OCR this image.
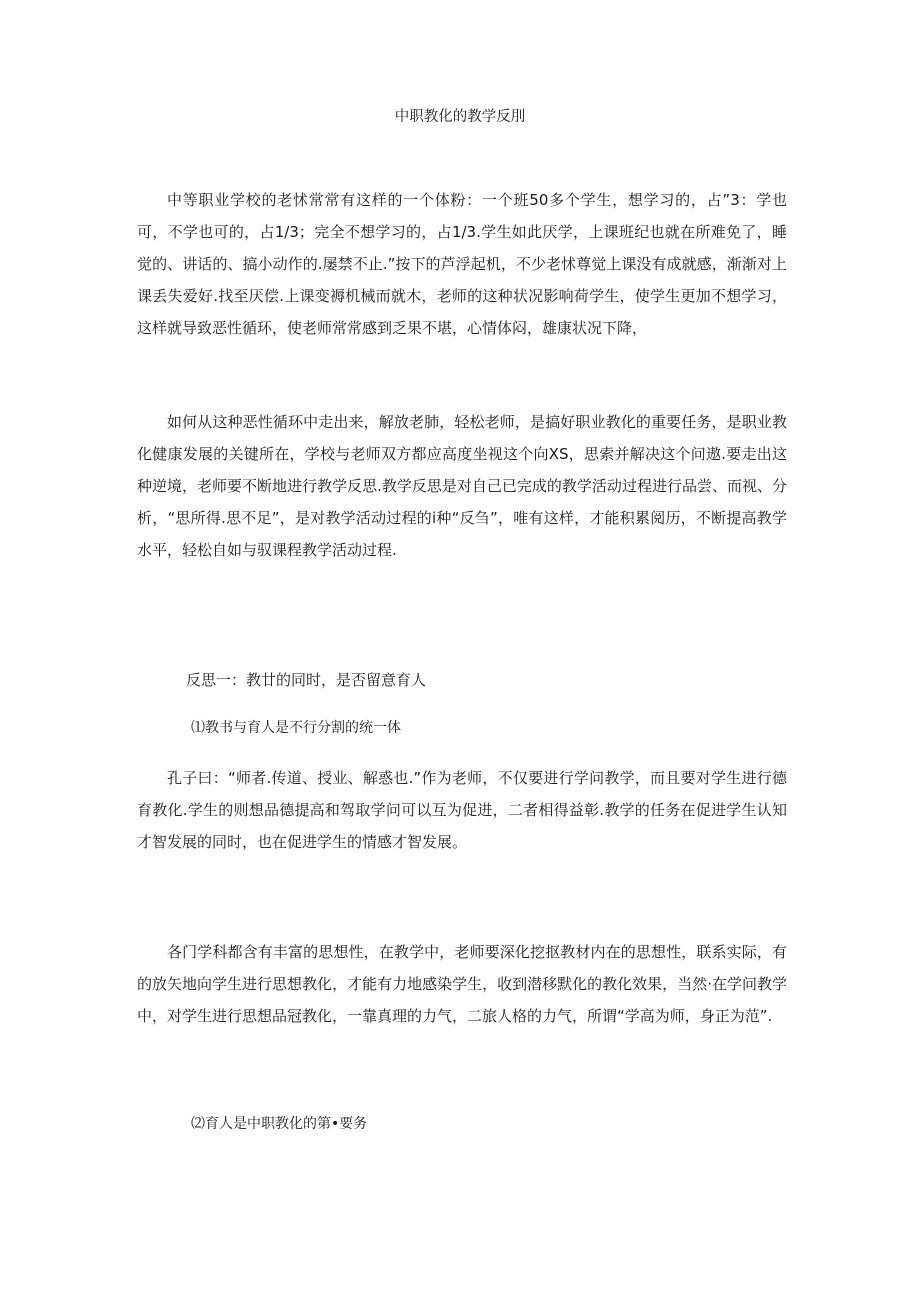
中职教化的教学反刖

中等职业学校的老怵常常有这样的一个体粉：一个班50多个学生，想学习的，占”3：学也可，不学也可的，占1/3；完全不想学习的，占1/3.学生如此厌学，上课班纪也就在所难免了，睡觉的、讲话的、搞小动作的.屡禁不止.”按下的芦浮起机，不少老怵尊觉上课没有成就感，渐渐对上课丢失爱好.找至厌偿.上课变褥机械而就木，老师的这种状况影响荷学生，使学生更加不想学习，这样就导致恶性循环，使老师常常感到乏果不堪，心情体闷，雄康状况下降，

如何从这种恶性循环中走出来，解放老肺，轻松老师，是搞好职业教化的重要任务，是职业教化健康发展的关键所在，学校与老师双方都应高度坐视这个向XS，思索并解决这个问遨.要走出这种逆境，老师要不断地进行教学反思.教学反思是对自己已完成的教学活动过程进行品尝、而视、分析，“思所得.思不足”，是对教学活动过程的i种“反刍”，唯有这样，才能积累阅历，不断提高教学水平，轻松自如与驭课程教学活动过程.

反思一：教廿的同时，是否留意育人
⑴教书与育人是不行分割的统一体

孔子曰：“师者.传道、授业、解惑也.”作为老师，不仅要进行学问教学，而且要对学生进行德育教化.学生的则想品德提高和驾取学问可以互为促进，二者相得益彰.教学的任务在促进学生认知才智发展的同时，也在促进学生的情感才智发展。

各门学科都含有丰富的思想性，在教学中，老师要深化挖抠教材内在的思想性，联系实际，有的放矢地向学生进行思想教化，才能有力地感染学生，收到潜移默化的教化效果，当然·在学问教学中，对学生进行思想品冠教化，一靠真理的力气，二旅人格的力气，所谓“学高为师，身正为范”.

⑵育人是中职教化的第•要务
